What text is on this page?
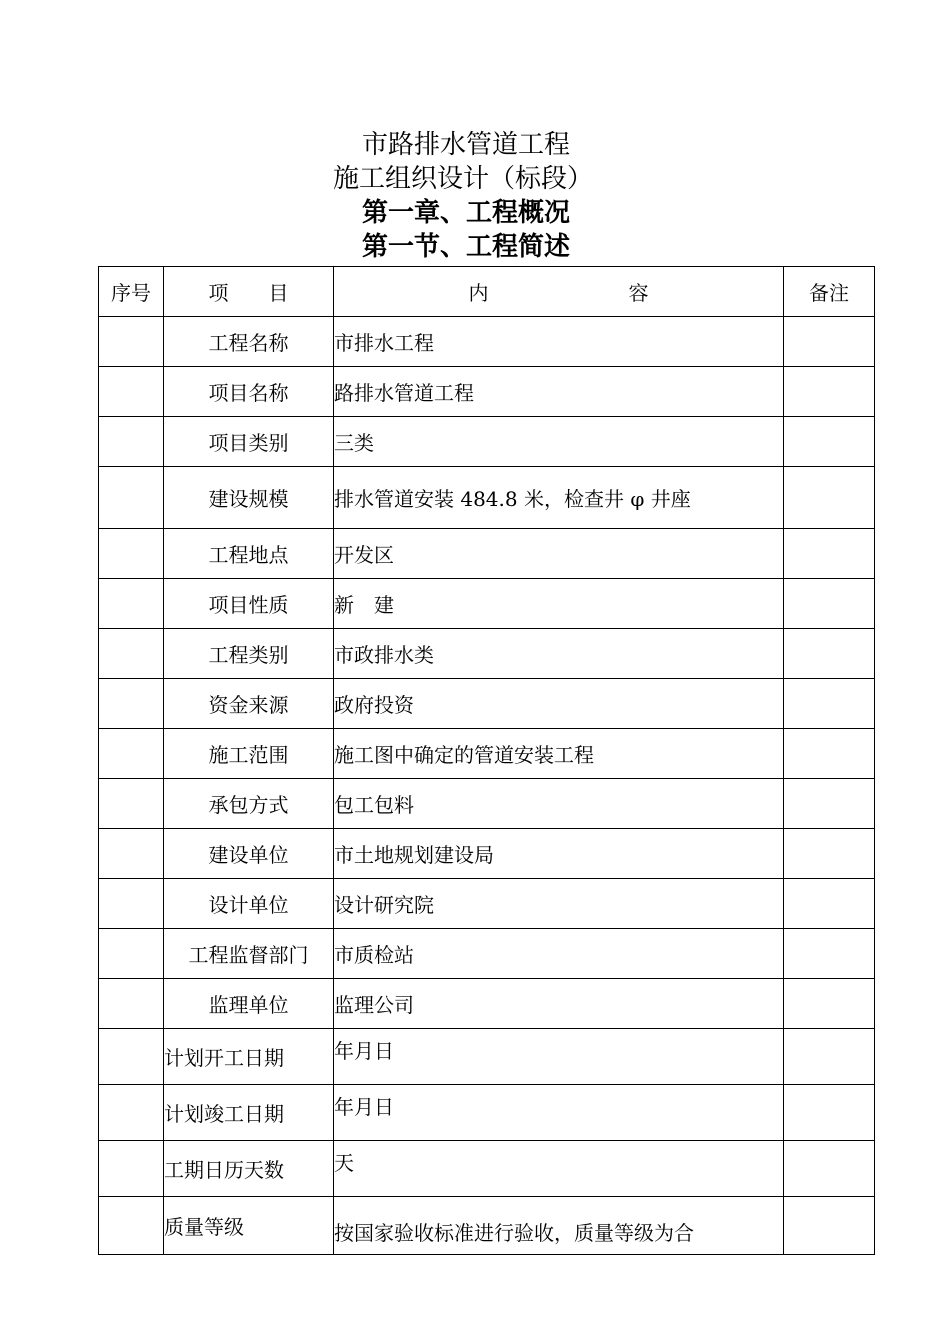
市路排水管道工程
施工组织设计（标段）
第一章、工程概况
第一节、工程简述
序号	项　　目	内　　　　　　　容	备注
	工程名称	市排水工程	
	项目名称	路排水管道工程	
	项目类别	三类	
	建设规模	排水管道安装 484.8 米，检查井 φ 井座	
	工程地点	开发区	
	项目性质	新　建	
	工程类别	市政排水类	
	资金来源	政府投资	
	施工范围	施工图中确定的管道安装工程	
	承包方式	包工包料	
	建设单位	市土地规划建设局	
	设计单位	设计研究院	
	工程监督部门	市质检站	
	监理单位	监理公司	
	计划开工日期	年月日	
	计划竣工日期	年月日	
	工期日历天数	天	
	质量等级	按国家验收标准进行验收，质量等级为合	
